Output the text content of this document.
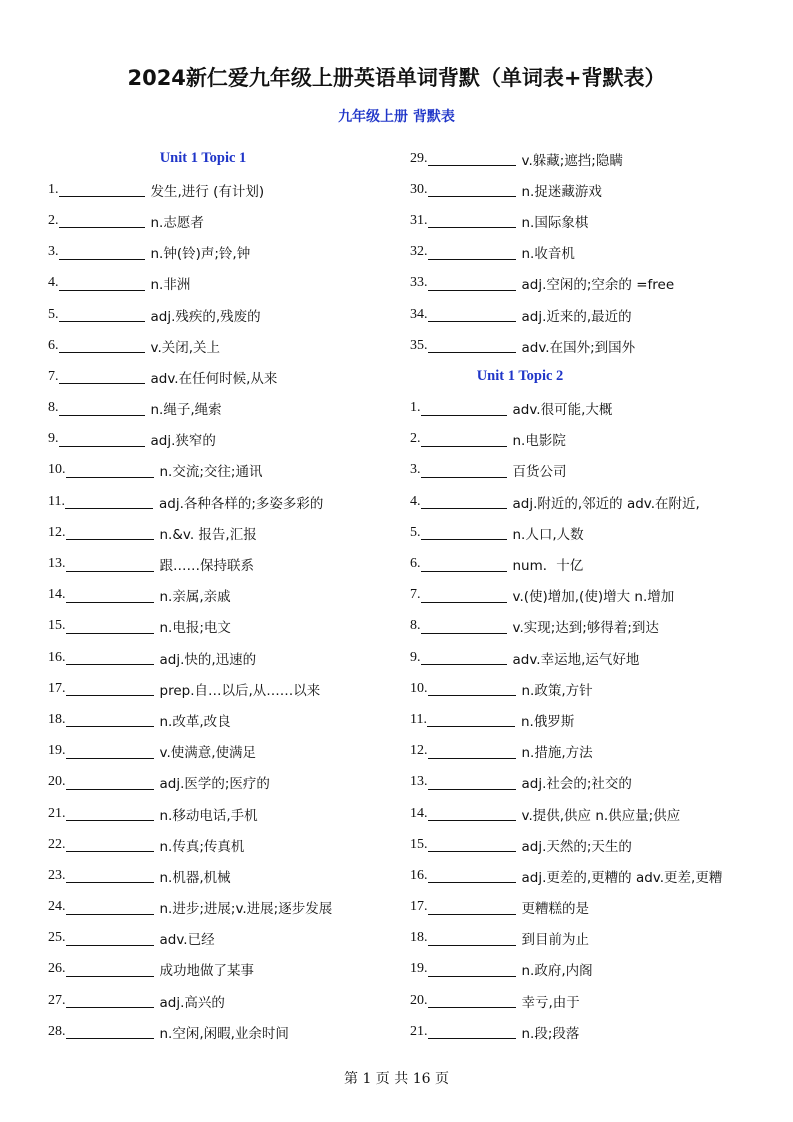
2024新仁爱九年级上册英语单词背默（单词表+背默表）
九年级上册 背默表
Unit 1 Topic 1
1.	发生,进行 (有计划)
2.	n.志愿者
3.	n.钟(铃)声;铃,钟
4.	n.非洲
5.	adj.残疾的,残废的
6.	v.关闭,关上
7.	adv.在任何时候,从来
8.	n.绳子,绳索
9.	adj.狭窄的
10.	n.交流;交往;通讯
11.	adj.各种各样的;多姿多彩的
12.	n.&v. 报告,汇报
13.	跟……保持联系
14.	n.亲属,亲戚
15.	n.电报;电文
16.	adj.快的,迅速的
17.	prep.自…以后,从……以来
18.	n.改革,改良
19.	v.使满意,使满足
20.	adj.医学的;医疗的
21.	n.移动电话,手机
22.	n.传真;传真机
23.	n.机器,机械
24.	n.进步;进展;v.进展;逐步发展
25.	adv.已经
26.	成功地做了某事
27.	adj.高兴的
28.	n.空闲,闲暇,业余时间
29.	v.躲藏;遮挡;隐瞒
30.	n.捉迷藏游戏
31.	n.国际象棋
32.	n.收音机
33.	adj.空闲的;空余的 =free
34.	adj.近来的,最近的
35.	adv.在国外;到国外
Unit 1 Topic 2
1.	adv.很可能,大概
2.	n.电影院
3.	百货公司
4.	adj.附近的,邻近的 adv.在附近,
5.	n.人口,人数
6.	num．十亿
7.	v.(使)增加,(使)增大 n.增加
8.	v.实现;达到;够得着;到达
9.	adv.幸运地,运气好地
10.	n.政策,方针
11.	n.俄罗斯
12.	n.措施,方法
13.	adj.社会的;社交的
14.	v.提供,供应 n.供应量;供应
15.	adj.天然的;天生的
16.	adj.更差的,更糟的 adv.更差,更糟
17.	更糟糕的是
18.	到目前为止
19.	n.政府,内阁
20.	幸亏,由于
21.	n.段;段落
第 1 页 共 16 页
